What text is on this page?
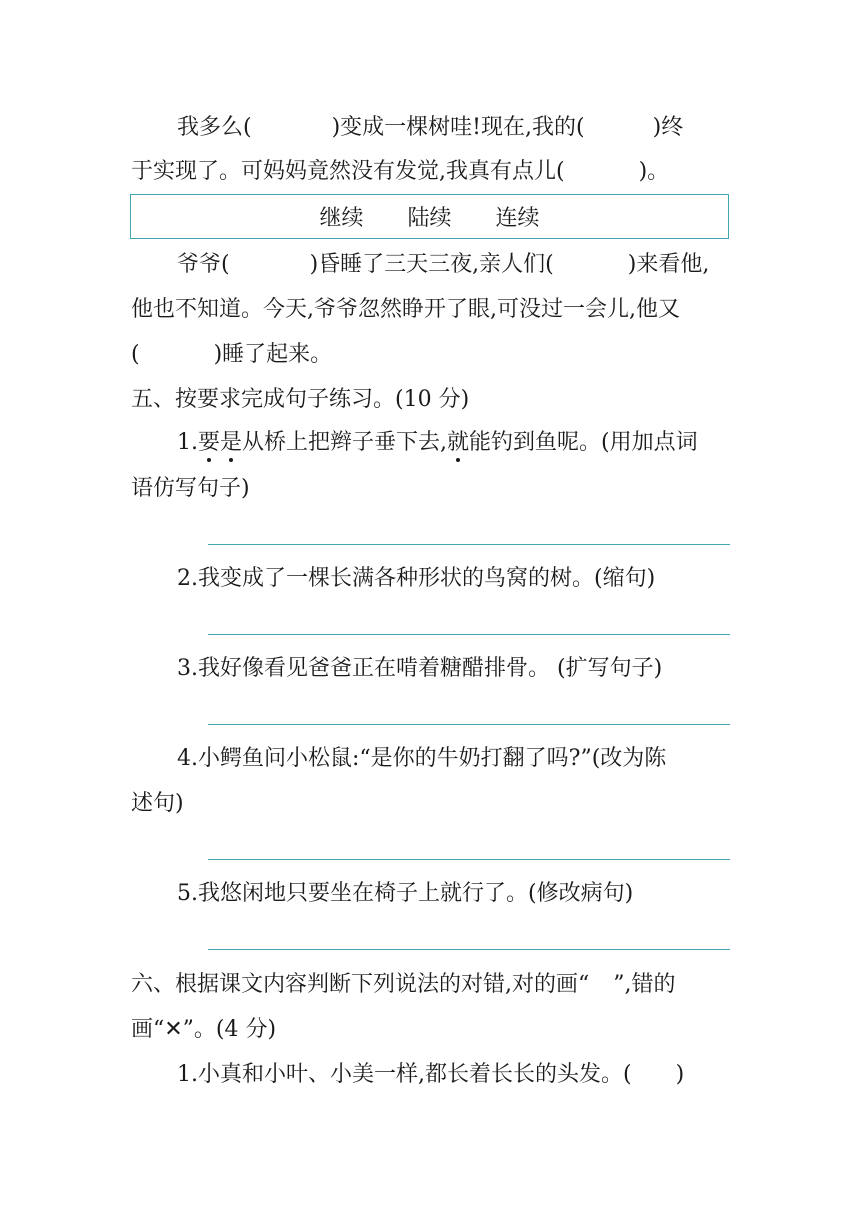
我多么(	)变成一棵树哇!现在,我的(	)终
于实现了。可妈妈竟然没有发觉,我真有点儿(	)。
继续 陆续 连续
爷爷(	)昏睡了三天三夜,亲人们(	)来看他,
他也不知道。今天,爷爷忽然睁开了眼,可没过一会儿,他又
(	)睡了起来。
五、按要求完成句子练习。(10 分)
1.要是从桥上把辫子垂下去,就能钓到鱼呢。(用加点词
语仿写句子)
2.我变成了一棵长满各种形状的鸟窝的树。(缩句)
3.我好像看见爸爸正在啃着糖醋排骨。 (扩写句子)
4.小鳄鱼问小松鼠:“是你的牛奶打翻了吗?”(改为陈
述句)
5.我悠闲地只要坐在椅子上就行了。(修改病句)
六、根据课文内容判断下列说法的对错,对的画“ ”,错的
画“✕”。(4 分)
1.小真和小叶、小美一样,都长着长长的头发。( )
